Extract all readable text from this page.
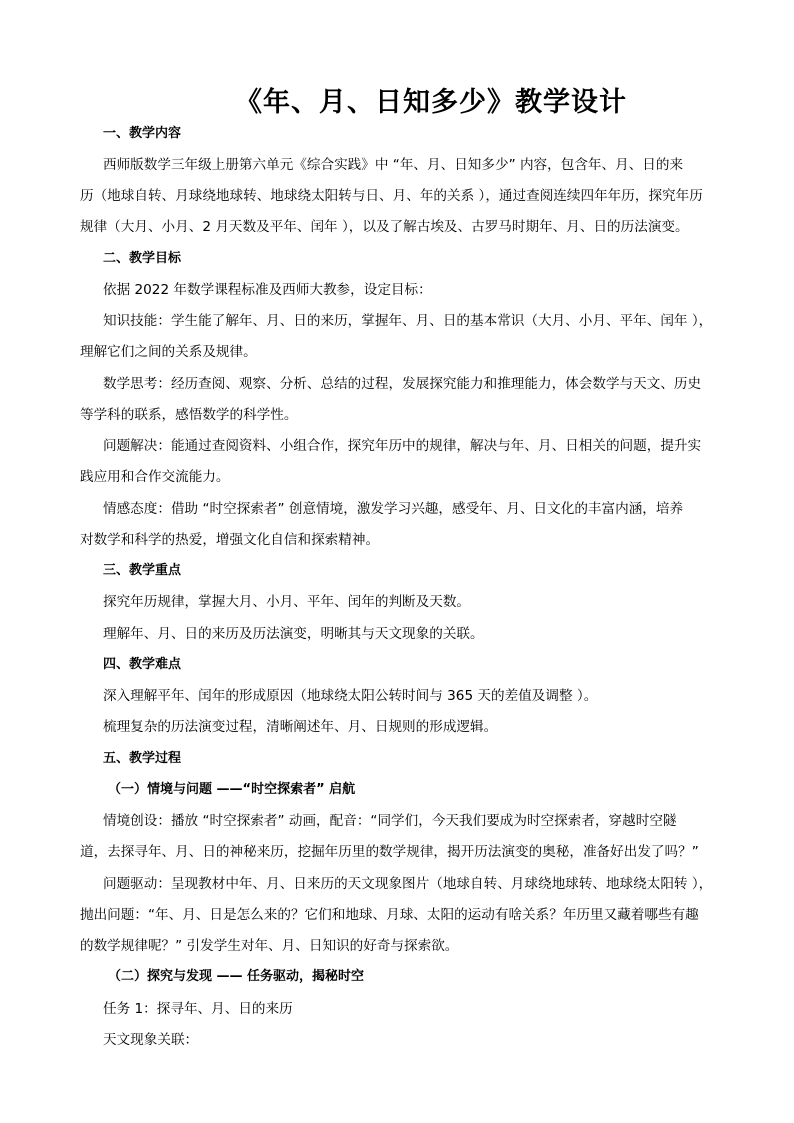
《年、月、日知多少》教学设计
一、教学内容
西师版数学三年级上册第六单元《综合实践》中 “年、月、日知多少” 内容，包含年、月、日的来
历（地球自转、月球绕地球转、地球绕太阳转与日、月、年的关系 ），通过查阅连续四年年历，探究年历
规律（大月、小月、2 月天数及平年、闰年 ），以及了解古埃及、古罗马时期年、月、日的历法演变。
二、教学目标
依据 2022 年数学课程标准及西师大教参，设定目标：
知识技能：学生能了解年、月、日的来历，掌握年、月、日的基本常识（大月、小月、平年、闰年 ），
理解它们之间的关系及规律。
数学思考：经历查阅、观察、分析、总结的过程，发展探究能力和推理能力，体会数学与天文、历史
等学科的联系，感悟数学的科学性。
问题解决：能通过查阅资料、小组合作，探究年历中的规律，解决与年、月、日相关的问题，提升实
践应用和合作交流能力。
情感态度：借助 “时空探索者” 创意情境，激发学习兴趣，感受年、月、日文化的丰富内涵，培养
对数学和科学的热爱，增强文化自信和探索精神。
三、教学重点
探究年历规律，掌握大月、小月、平年、闰年的判断及天数。
理解年、月、日的来历及历法演变，明晰其与天文现象的关联。
四、教学难点
深入理解平年、闰年的形成原因（地球绕太阳公转时间与 365 天的差值及调整 ）。
梳理复杂的历法演变过程，清晰阐述年、月、日规则的形成逻辑。
五、教学过程
（一）情境与问题 ——“时空探索者” 启航
情境创设：播放 “时空探索者” 动画，配音：“同学们，今天我们要成为时空探索者，穿越时空隧
道，去探寻年、月、日的神秘来历，挖掘年历里的数学规律，揭开历法演变的奥秘，准备好出发了吗？”
问题驱动：呈现教材中年、月、日来历的天文现象图片（地球自转、月球绕地球转、地球绕太阳转 ），
抛出问题：“年、月、日是怎么来的？它们和地球、月球、太阳的运动有啥关系？年历里又藏着哪些有趣
的数学规律呢？” 引发学生对年、月、日知识的好奇与探索欲。
（二）探究与发现 —— 任务驱动，揭秘时空
任务 1：探寻年、月、日的来历
天文现象关联：
